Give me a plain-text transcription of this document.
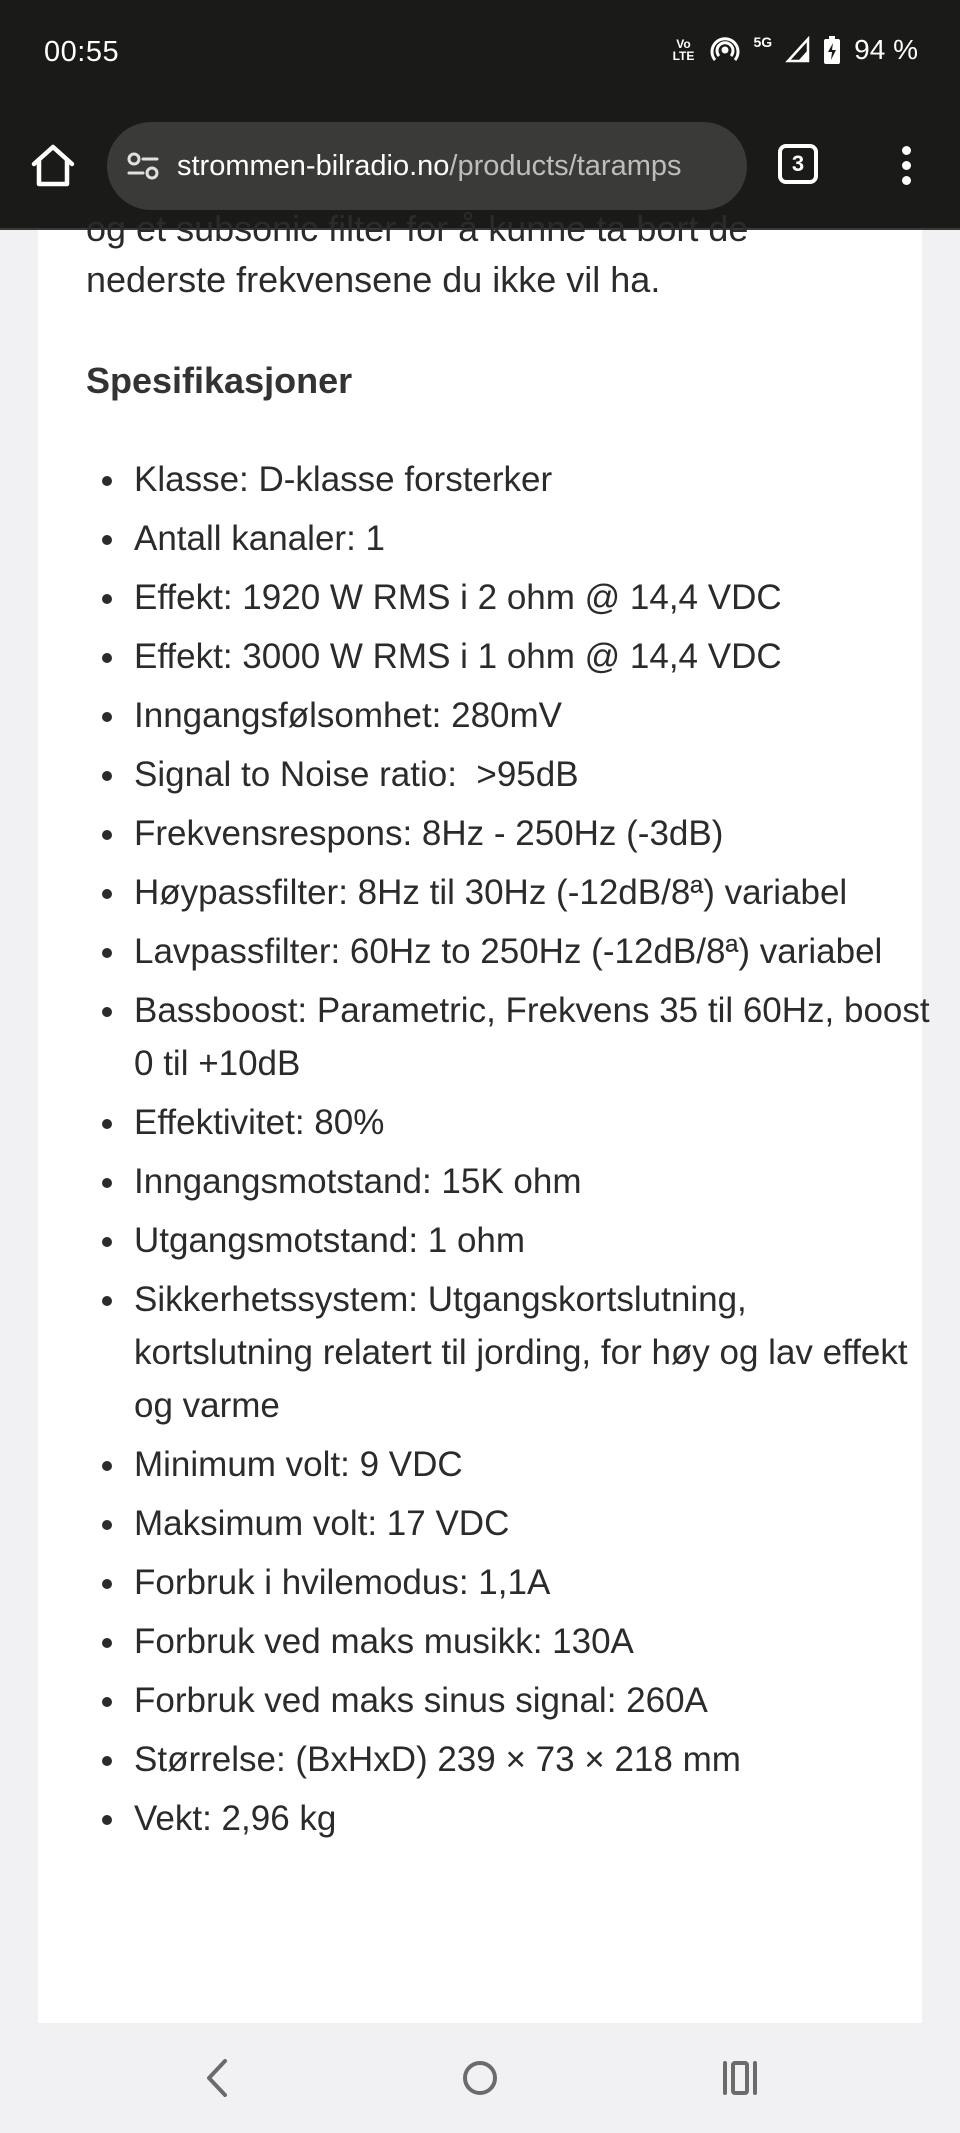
00:55	Vo
LTE
5G	94 %
strommen-bilradio.no/products/taramps	3
og et subsonic filter for å kunne ta bort de
nederste frekvensene du ikke vil ha.
Spesifikasjoner
Klasse: D-klasse forsterker
Antall kanaler: 1
Effekt: 1920 W RMS i 2 ohm @ 14,4 VDC
Effekt: 3000 W RMS i 1 ohm @ 14,4 VDC
Inngangsfølsomhet: 280mV
Signal to Noise ratio:  >95dB
Frekvensrespons: 8Hz - 250Hz (-3dB)
Høypassfilter: 8Hz til 30Hz (-12dB/8ª) variabel
Lavpassfilter: 60Hz to 250Hz (-12dB/8ª) variabel
Bassboost: Parametric, Frekvens 35 til 60Hz, boost 0 til +10dB
Effektivitet: 80%
Inngangsmotstand: 15K ohm
Utgangsmotstand: 1 ohm
Sikkerhetssystem: Utgangskortslutning, kortslutning relatert til jording, for høy og lav effekt og varme
Minimum volt: 9 VDC
Maksimum volt: 17 VDC
Forbruk i hvilemodus: 1,1A
Forbruk ved maks musikk: 130A
Forbruk ved maks sinus signal: 260A
Størrelse: (BxHxD) 239 × 73 × 218 mm
Vekt: 2,96 kg
